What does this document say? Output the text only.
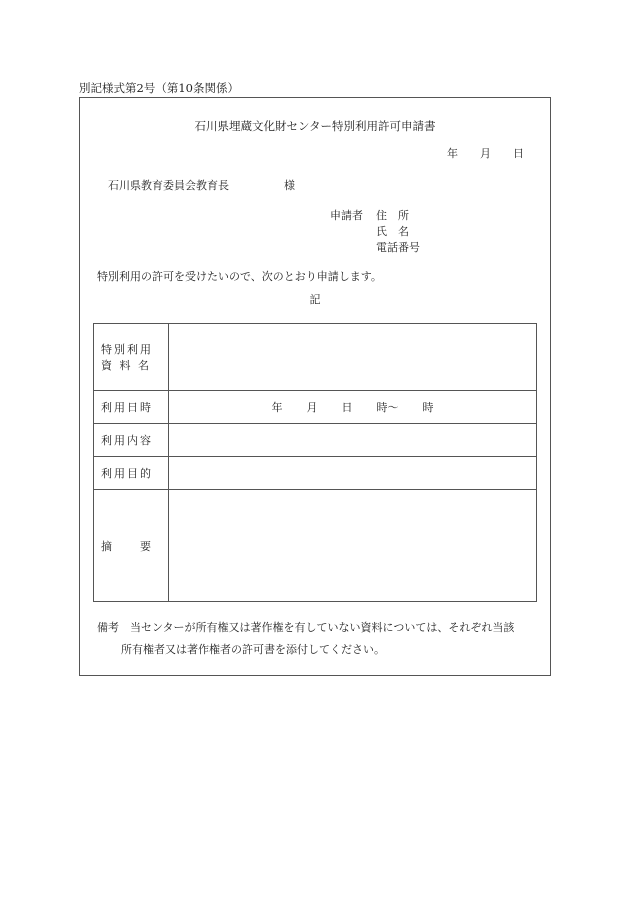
別記様式第2号（第10条関係）
石川県埋蔵文化財センター特別利用許可申請書
年　　月　　日
石川県教育委員会教育長	様
申請者 住　所
氏　名
電話番号
特別利用の許可を受けたいので、次のとおり申請します。
記
特別利用
資 料 名	

利用日時	年 月 日 時～ 時
利用内容	
利用目的	
摘　　要	
備考　当センターが所有権又は著作権を有していない資料については、それぞれ当該
所有権者又は著作権者の許可書を添付してください。
